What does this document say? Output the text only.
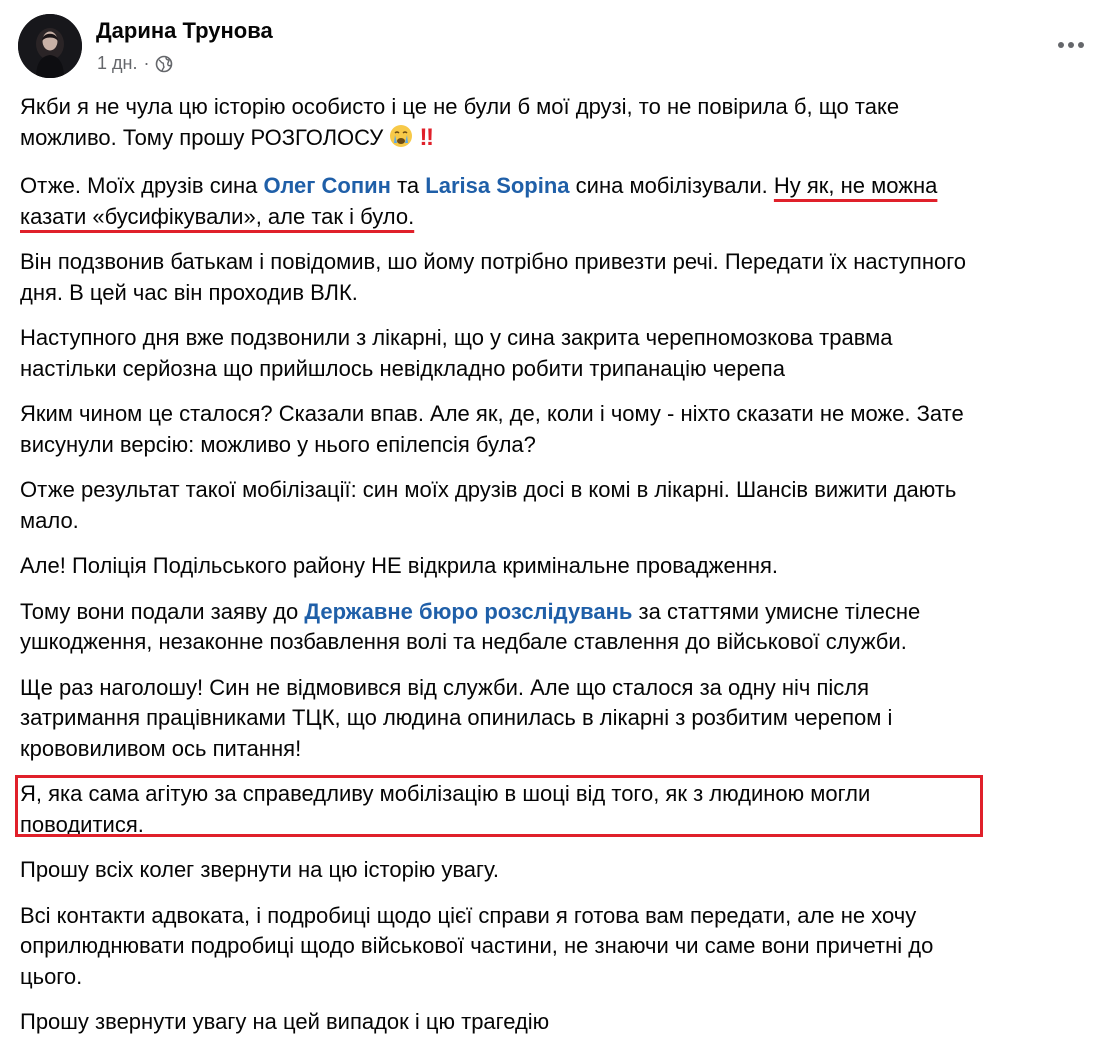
Дарина Трунова
1 дн. ·

Якби я не чула цю історію особисто і це не були б мої друзі, то не повірила б, що таке
можливо. Тому прошу РОЗГОЛОСУ ‼

Отже. Моїх друзів сина Олег Сопин та Larisa Sopina сина мобілізували. Ну як, не можна
казати «бусифікували», але так і було.

Він подзвонив батькам і повідомив, шо йому потрібно привезти речі. Передати їх наступного
дня. В цей час він проходив ВЛК.

Наступного дня вже подзвонили з лікарні, що у сина закрита черепномозкова травма
настільки серйозна що прийшлось невідкладно робити трипанацію черепа

Яким чином це сталося? Сказали впав. Але як, де, коли і чому - ніхто сказати не може. Зате
висунули версію: можливо у нього епілепсія була?

Отже результат такої мобілізації: син моїх друзів досі в комі в лікарні. Шансів вижити дають
мало.

Але! Поліція Подільського району НЕ відкрила кримінальне провадження.

Тому вони подали заяву до Державне бюро розслідувань за статтями умисне тілесне
ушкодження, незаконне позбавлення волі та недбале ставлення до військової служби.

Ще раз наголошу! Син не відмовився від служби. Але що сталося за одну ніч після
затримання працівниками ТЦК, що людина опинилась в лікарні з розбитим черепом і
крововиливом ось питання!

Я, яка сама агітую за справедливу мобілізацію в шоці від того, як з людиною могли
поводитися.

Прошу всіх колег звернути на цю історію увагу.

Всі контакти адвоката, і подробиці щодо цієї справи я готова вам передати, але не хочу
оприлюднювати подробиці щодо військової частини, не знаючи чи саме вони причетні до
цього.

Прошу звернути увагу на цей випадок і цю трагедію
